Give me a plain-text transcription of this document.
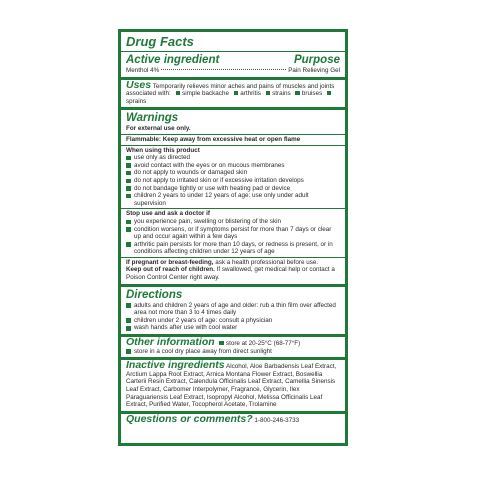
Drug Facts
Active ingredient	Purpose
Menthol 4%	Pain Relieving Gel
Uses Temporarily relieves minor aches and pains of muscles and joints associated with: simple backache arthritis strains bruises sprains
Warnings
For external use only.
Flammable: Keep away from excessive heat or open flame
When using this product
use only as directed
avoid contact with the eyes or on mucous membranes
do not apply to wounds or damaged skin
do not apply to irritated skin or if excessive irritation develops
do not bandage tightly or use with heating pad or device
children 2 years to under 12 years of age: use only under adult supervision
Stop use and ask a doctor if
you experience pain, swelling or blistering of the skin
condition worsens, or if symptoms persist for more than 7 days or clear up and occur again within a few days
arthritic pain persists for more than 10 days, or redness is present, or in conditions affecting children under 12 years of age
If pregnant or breast-feeding, ask a health professional before use.
Keep out of reach of children. If swallowed, get medical help or contact a Poison Control Center right away.
Directions
adults and children 2 years of age and older: rub a thin film over affected area not more than 3 to 4 times daily
children under 2 years of age: consult a physician
wash hands after use with cool water
Other information store at 20-25°C (68-77°F)
store in a cool dry place away from direct sunlight
Inactive ingredients Alcohol, Aloe Barbadensis Leaf Extract, Arctium Lappa Root Extract, Arnica Montana Flower Extract, Boswellia Carterii Resin Extract, Calendula Officinalis Leaf Extract, Camellia Sinensis Leaf Extract, Carbomer Interpolymer, Fragrance, Glycerin, Ilex Paraguariensis Leaf Extract, Isopropyl Alcohol, Melissa Officinalis Leaf Extract, Purified Water, Tocopherol Acetate, Trolamine
Questions or comments? 1-800-246-3733
